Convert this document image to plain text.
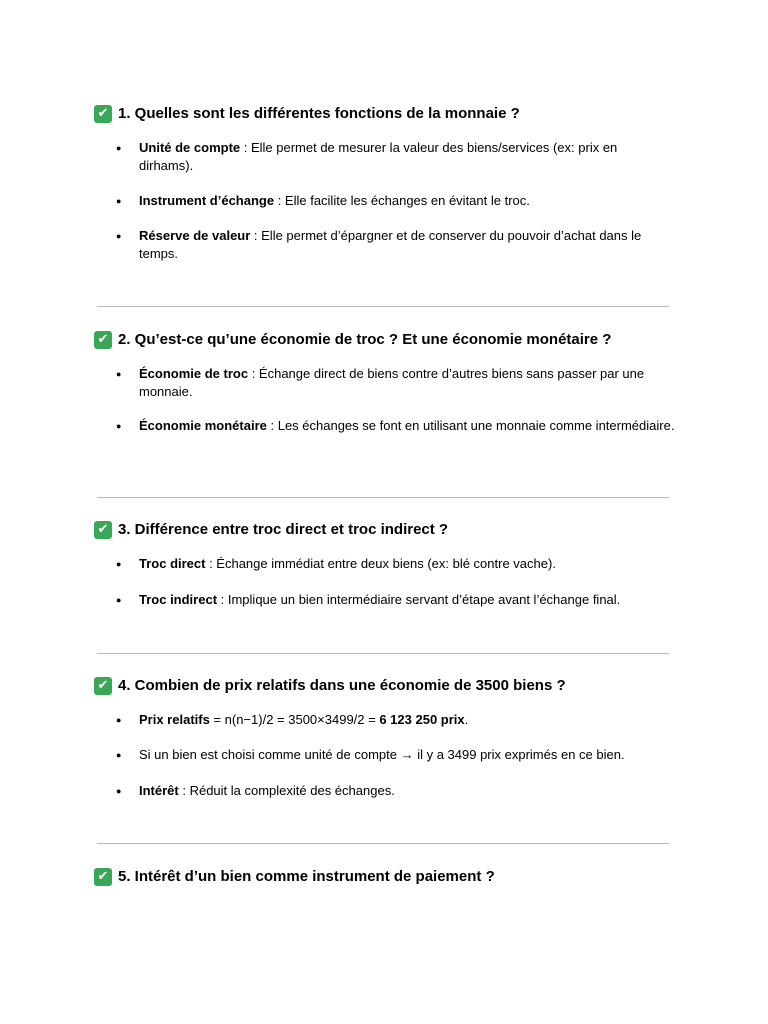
✔ 1. Quelles sont les différentes fonctions de la monnaie ?
● Unité de compte : Elle permet de mesurer la valeur des biens/services (ex: prix en dirhams).
● Instrument d’échange : Elle facilite les échanges en évitant le troc.
● Réserve de valeur : Elle permet d’épargner et de conserver du pouvoir d’achat dans le temps.
✔ 2. Qu’est-ce qu’une économie de troc ? Et une économie monétaire ?
● Économie de troc : Échange direct de biens contre d’autres biens sans passer par une monnaie.
● Économie monétaire : Les échanges se font en utilisant une monnaie comme intermédiaire.
✔ 3. Différence entre troc direct et troc indirect ?
● Troc direct : Échange immédiat entre deux biens (ex: blé contre vache).
● Troc indirect : Implique un bien intermédiaire servant d’étape avant l’échange final.
✔ 4. Combien de prix relatifs dans une économie de 3500 biens ?
● Prix relatifs = n(n−1)/2 = 3500×3499/2 = 6 123 250 prix.
● Si un bien est choisi comme unité de compte → il y a 3499 prix exprimés en ce bien.
● Intérêt : Réduit la complexité des échanges.
✔ 5. Intérêt d’un bien comme instrument de paiement ?
